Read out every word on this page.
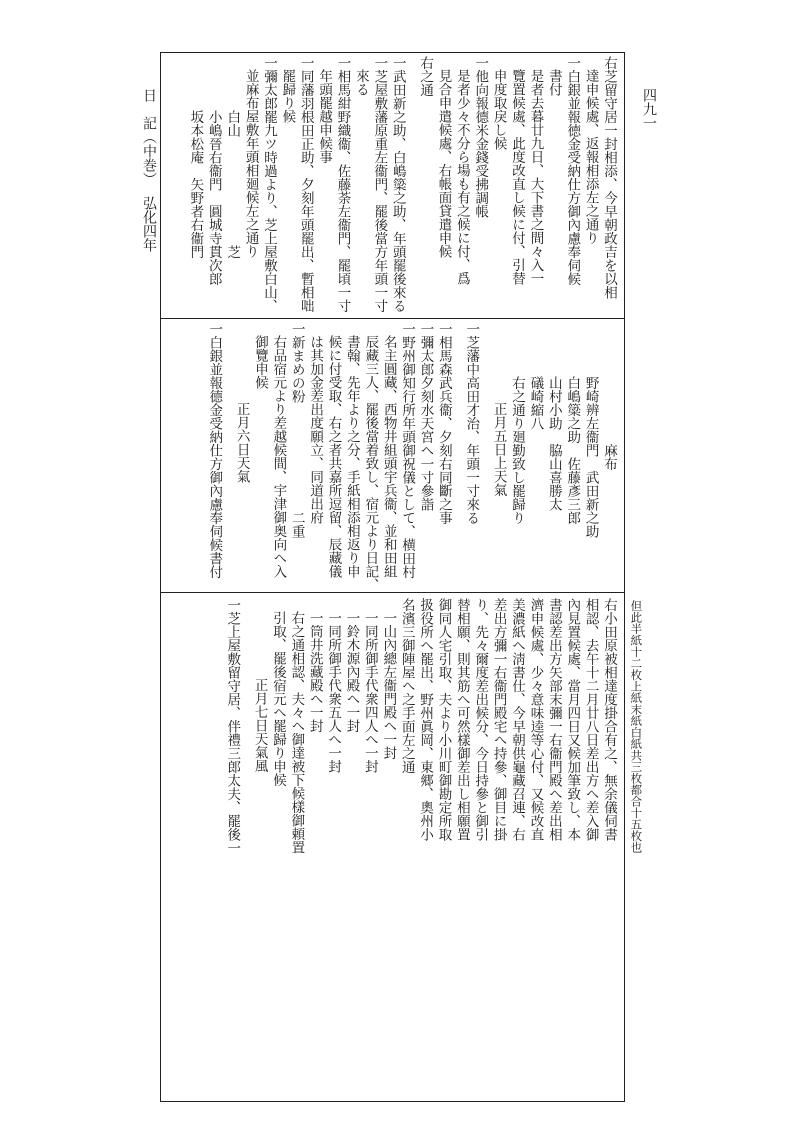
日　記（中巻）
弘化四年
四九一
右芝留守居一封相添、今早朝政吉を以相
達申候處、返報相添左之通り
一白銀並報徳金受納仕方御內慮奉伺候
書付
是者去暮廿九日、大下書之間々入一
覽置候處、此度改直し候に付、引替
申度取戾し候
一他向報德米金錢受拂調帳
是者少々不分ら場も有之候に付、爲
見合申遣候處、右帳面貸遣申候
右之通
一武田新之助、白嶋簗之助、年頭罷後來る
一芝屋敷藩原重左衞門、罷後當方年頭一寸
來る
一相馬紺野織衞、佐藤荼左衞門、罷頃一寸
年頭罷越申候事
一同藩羽根田正助、夕刻年頭罷出、暫相咄
罷歸り候
一彌太郎罷九ツ時過より、芝上屋敷白山、
並麻布屋敷年頭相廻候左之通り
白山　　　　　　　　芝
小嶋晉右衞門　圓城寺貫次郎
坂本松庵　矢野者右衞門
　　　　　　　　　麻布
野崎辨左衞門　武田新之助
白嶋簗之助　佐藤彥三郎
山村小助　脇山喜勝太
礒崎縮八
右之通り廻勤致し罷歸り
正月五日上天氣
一芝藩中高田才治、年頭一寸來る
一相馬森武兵衞、夕刻右同斷之事
一彌太郎夕刻水天宮へ一寸參詣
一野州御知行所年頭御祝儀として、横田村
名主圓藏、西物井組頭宇兵衞、並和田組
辰藏三人、罷後當着致し、宿元より日記、
書翰、先年より之分、手紙相添相返り申
候に付受取、右之者共嘉所逗留、辰藏儀
は其加金差出度願立、同道出府
一新まめの粉　　　　　　　　二重
右品宿元より差越候間、宇津御奥向へ入
御覽申候
正月六日天氣
一白銀並報德金受納仕方御內慮奉伺候書付
右小田原被相達度掛合有之、無余儀伺書
相認、去午十二月廿八日差出方へ差入御
內見置候處、當月四日又候加筆致し、本
書認差出方矢部末彌一右衞門殿へ差出相
濟申候處、少々意味逵等心付、又候改直
美濃紙へ淸書仕、今早朝供龜藏召連、右
差出方彌一右衞門殿宅へ持參、御目に掛
り、先々爾度差出候分、今日持參と御引
替相願、則其筋へ可然樣御差出し相願置
御同人宅引取、夫より小川町御勘定所取
扱役所へ罷出、野州眞岡、東郷、奧州小
名濱三御陣屋へ之手面左之通
一山內總左衞門殿へ一封
一同所御手代衆四人へ一封
一鈴木源內殿へ一封
一同所御手代衆五人へ一封
一筒井洗藏殿へ一封
右之通相認、夫々へ御達被下候樣御頼置
引取、罷後宿元へ罷歸り申候
正月七日天氣風
一芝上屋敷留守居、伴禮三郎太夫、罷後一	但此半紙十二枚上紙末紙白紙共三枚都合十五枚也
